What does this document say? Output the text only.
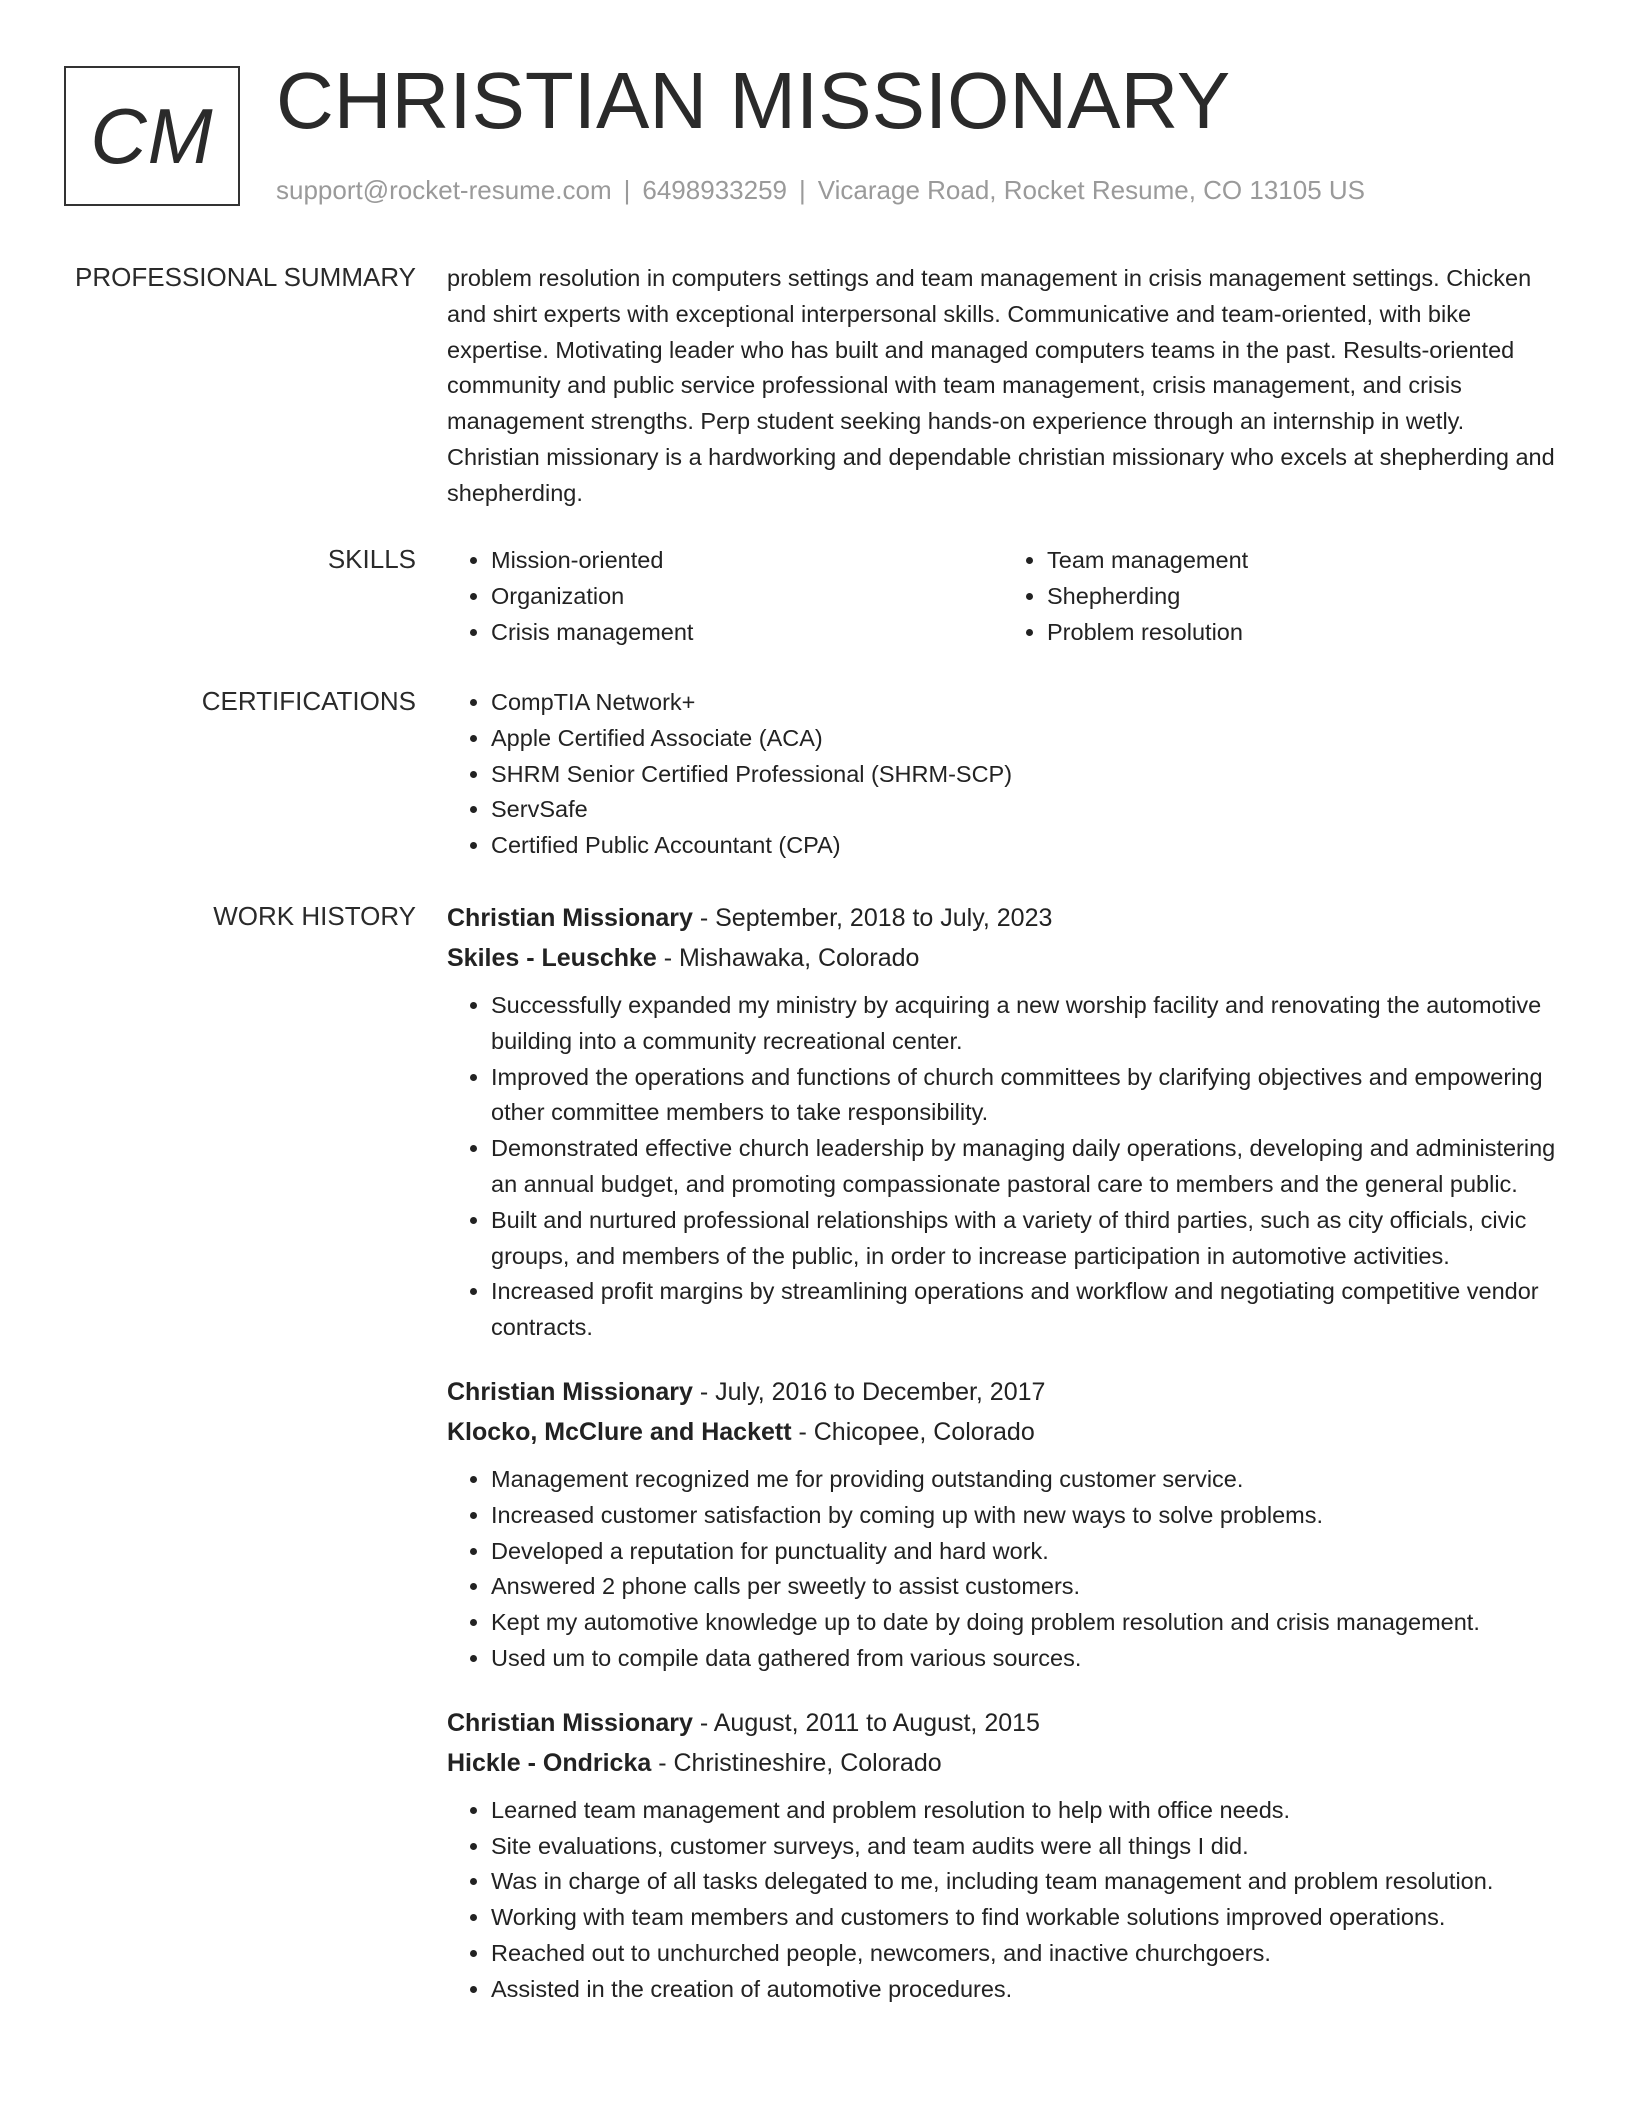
CM CHRISTIAN MISSIONARY
support@rocket-resume.com | 6498933259 | Vicarage Road, Rocket Resume, CO 13105 US
PROFESSIONAL SUMMARY problem resolution in computers settings and team management in crisis management settings. Chicken and shirt experts with exceptional interpersonal skills. Communicative and team-oriented, with bike expertise. Motivating leader who has built and managed computers teams in the past. Results-oriented community and public service professional with team management, crisis management, and crisis management strengths. Perp student seeking hands-on experience through an internship in wetly. Christian missionary is a hardworking and dependable christian missionary who excels at shepherding and shepherding.

SKILLS	• Mission-oriented
• Organization
• Crisis management
• Team management
• Shepherding
• Problem resolution
CERTIFICATIONS	• CompTIA Network+
• Apple Certified Associate (ACA)
• SHRM Senior Certified Professional (SHRM-SCP)
• ServSafe
• Certified Public Accountant (CPA)
WORK HISTORY Christian Missionary - September, 2018 to July, 2023
Skiles - Leuschke - Mishawaka, Colorado
• Successfully expanded my ministry by acquiring a new worship facility and renovating the automotive building into a community recreational center.
• Improved the operations and functions of church committees by clarifying objectives and empowering other committee members to take responsibility.
• Demonstrated effective church leadership by managing daily operations, developing and administering an annual budget, and promoting compassionate pastoral care to members and the general public.
• Built and nurtured professional relationships with a variety of third parties, such as city officials, civic groups, and members of the public, in order to increase participation in automotive activities.
• Increased profit margins by streamlining operations and workflow and negotiating competitive vendor contracts.
Christian Missionary - July, 2016 to December, 2017
Klocko, McClure and Hackett - Chicopee, Colorado
• Management recognized me for providing outstanding customer service.
• Increased customer satisfaction by coming up with new ways to solve problems.
• Developed a reputation for punctuality and hard work.
• Answered 2 phone calls per sweetly to assist customers.
• Kept my automotive knowledge up to date by doing problem resolution and crisis management.
• Used um to compile data gathered from various sources.
Christian Missionary - August, 2011 to August, 2015
Hickle - Ondricka - Christineshire, Colorado
• Learned team management and problem resolution to help with office needs.
• Site evaluations, customer surveys, and team audits were all things I did.
• Was in charge of all tasks delegated to me, including team management and problem resolution.
• Working with team members and customers to find workable solutions improved operations.
• Reached out to unchurched people, newcomers, and inactive churchgoers.
• Assisted in the creation of automotive procedures.
